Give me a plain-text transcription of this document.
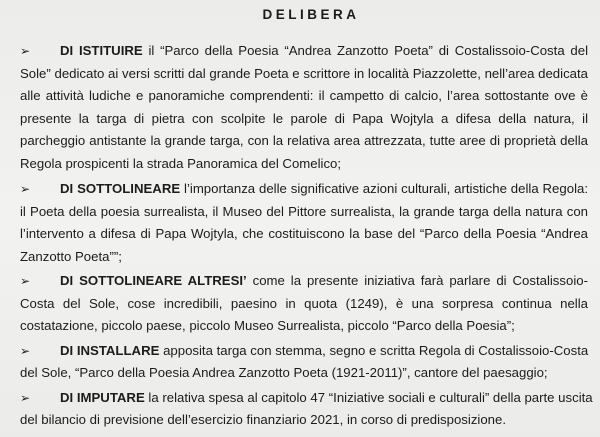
DELIBERA

➢ DI ISTITUIRE il “Parco della Poesia “Andrea Zanzotto Poeta” di Costalissoio-Costa del

Sole” dedicato ai versi scritti dal grande Poeta e scrittore in località Piazzolette, nell’area dedicata

alle attività ludiche e panoramiche comprendenti: il campetto di calcio, l’area sottostante ove è

presente la targa di pietra con scolpite le parole di Papa Wojtyla a difesa della natura, il

parcheggio antistante la grande targa, con la relativa area attrezzata, tutte aree di proprietà della

Regola prospicenti la strada Panoramica del Comelico;

➢ DI SOTTOLINEARE l’importanza delle significative azioni culturali, artistiche della Regola:

il Poeta della poesia surrealista, il Museo del Pittore surrealista, la grande targa della natura con

l’intervento a difesa di Papa Wojtyla, che costituiscono la base del “Parco della Poesia “Andrea

Zanzotto Poeta””;

➢ DI SOTTOLINEARE ALTRESI’ come la presente iniziativa farà parlare di Costalissoio-

Costa del Sole, cose incredibili, paesino in quota (1249), è una sorpresa continua nella

costatazione, piccolo paese, piccolo Museo Surrealista, piccolo “Parco della Poesia”;

➢ DI INSTALLARE apposita targa con stemma, segno e scritta Regola di Costalissoio-Costa

del Sole, “Parco della Poesia Andrea Zanzotto Poeta (1921-2011)”, cantore del paesaggio;

➢ DI IMPUTARE la relativa spesa al capitolo 47 “Iniziative sociali e culturali” della parte uscita

del bilancio di previsione dell’esercizio finanziario 2021, in corso di predisposizione.
